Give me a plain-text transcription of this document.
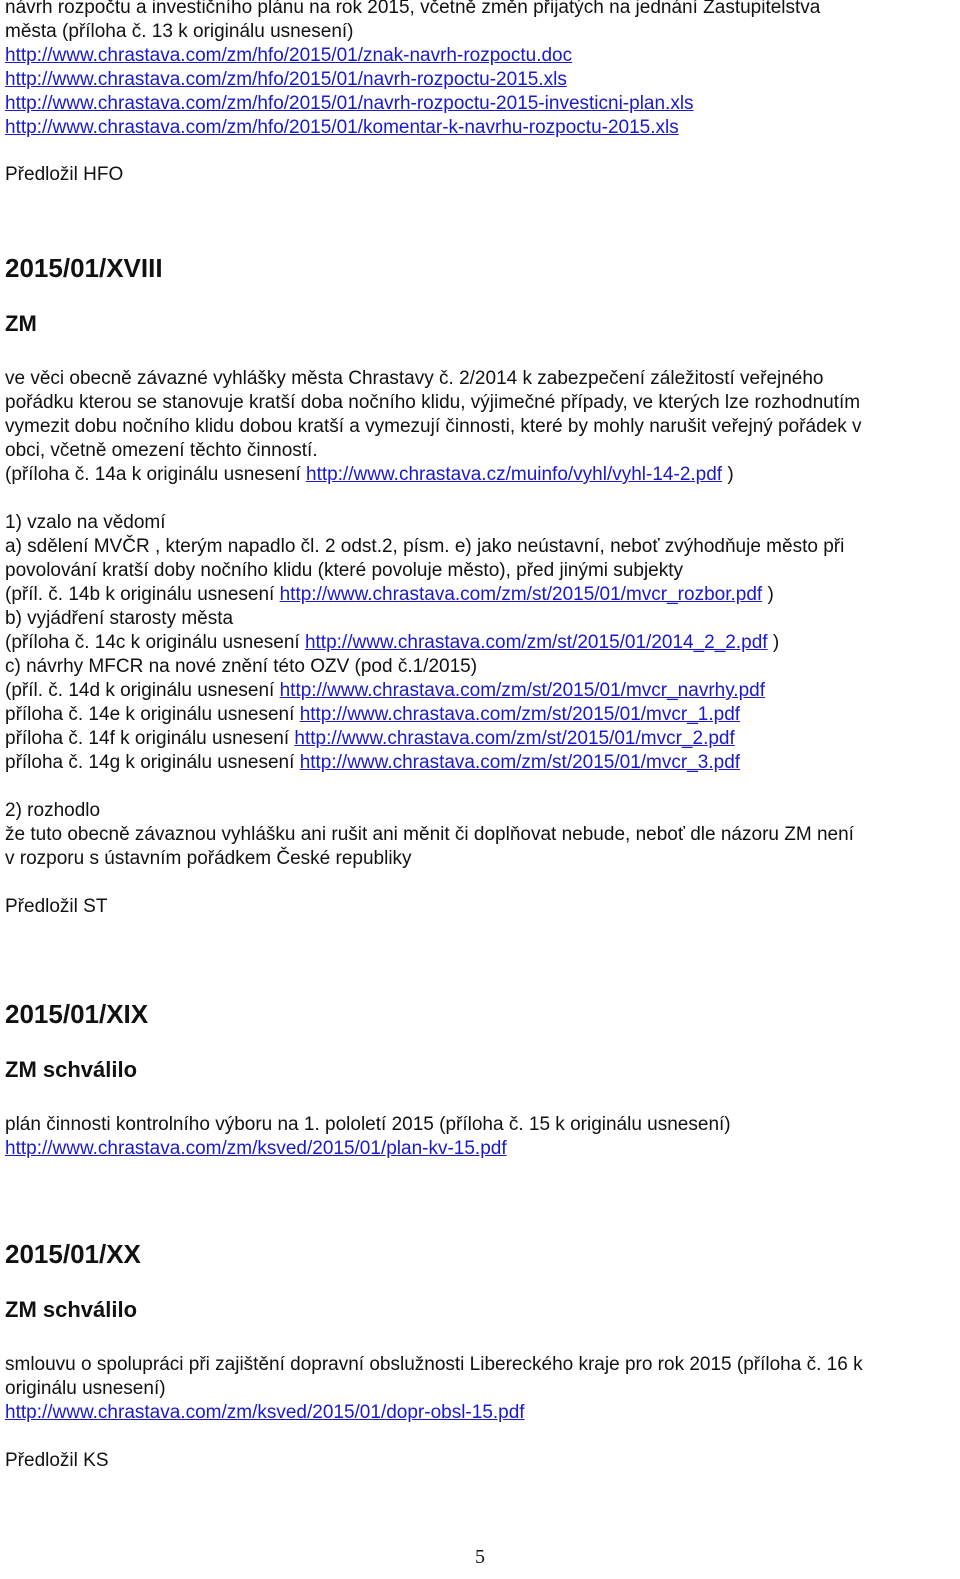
návrh rozpočtu a investičního plánu na rok 2015, včetně změn přijatých na jednání Zastupitelstva

města (příloha č. 13 k originálu usnesení)

http://www.chrastava.com/zm/hfo/2015/01/znak-navrh-rozpoctu.doc

http://www.chrastava.com/zm/hfo/2015/01/navrh-rozpoctu-2015.xls

http://www.chrastava.com/zm/hfo/2015/01/navrh-rozpoctu-2015-investicni-plan.xls

http://www.chrastava.com/zm/hfo/2015/01/komentar-k-navrhu-rozpoctu-2015.xls

Předložil HFO

2015/01/XVIII
ZM

ve věci obecně závazné vyhlášky města Chrastavy č. 2/2014 k zabezpečení záležitostí veřejného

pořádku kterou se stanovuje kratší doba nočního klidu, výjimečné případy, ve kterých lze rozhodnutím

vymezit dobu nočního klidu dobou kratší a vymezují činnosti, které by mohly narušit veřejný pořádek v

obci, včetně omezení těchto činností.

(příloha č. 14a k originálu usnesení http://www.chrastava.cz/muinfo/vyhl/vyhl-14-2.pdf )

1) vzalo na vědomí

a) sdělení MVČR , kterým napadlo čl. 2 odst.2, písm. e) jako neústavní, neboť zvýhodňuje město při

povolování kratší doby nočního klidu (které povoluje město), před jinými subjekty

(příl. č. 14b k originálu usnesení http://www.chrastava.com/zm/st/2015/01/mvcr_rozbor.pdf )

b) vyjádření starosty města

(příloha č. 14c k originálu usnesení http://www.chrastava.com/zm/st/2015/01/2014_2_2.pdf )

c) návrhy MFCR na nové znění této OZV (pod č.1/2015)

(příl. č. 14d k originálu usnesení http://www.chrastava.com/zm/st/2015/01/mvcr_navrhy.pdf

příloha č. 14e k originálu usnesení http://www.chrastava.com/zm/st/2015/01/mvcr_1.pdf

příloha č. 14f k originálu usnesení http://www.chrastava.com/zm/st/2015/01/mvcr_2.pdf

příloha č. 14g k originálu usnesení http://www.chrastava.com/zm/st/2015/01/mvcr_3.pdf

2) rozhodlo

že tuto obecně závaznou vyhlášku ani rušit ani měnit či doplňovat nebude, neboť dle názoru ZM není

v rozporu s ústavním pořádkem České republiky

Předložil ST

2015/01/XIX
ZM schválilo

plán činnosti kontrolního výboru na 1. pololetí 2015 (příloha č. 15 k originálu usnesení)

http://www.chrastava.com/zm/ksved/2015/01/plan-kv-15.pdf

2015/01/XX
ZM schválilo

smlouvu o spolupráci při zajištění dopravní obslužnosti Libereckého kraje pro rok 2015 (příloha č. 16 k

originálu usnesení)

http://www.chrastava.com/zm/ksved/2015/01/dopr-obsl-15.pdf

Předložil KS

5
